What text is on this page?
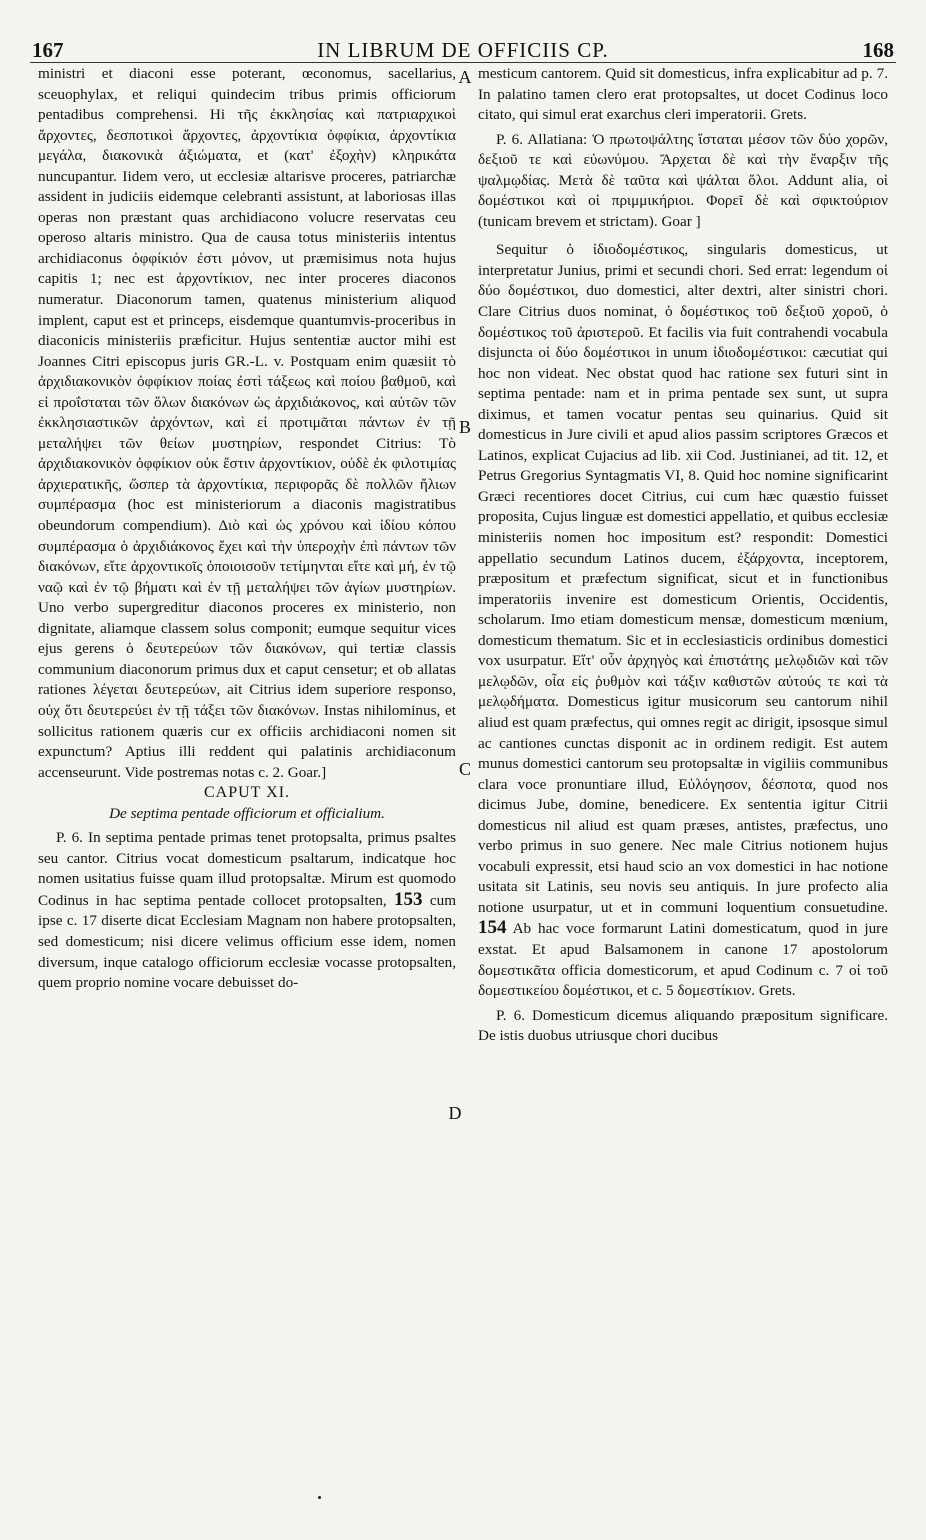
167	IN LIBRUM DE OFFICIIS CP.	168

ministri et diaconi esse poterant, œconomus, sacellarius, sceuophylax, et reliqui quindecim tribus primis officiorum pentadibus comprehensi. Hi τῆς ἐκκλησίας καὶ πατριαρχικοὶ ἄρχοντες, δεσποτικοὶ ἄρχοντες, ἀρχοντίκια ὀφφίκια, ἀρχοντίκια μεγάλα, διακονικὰ ἀξιώματα, et (κατ' ἐξοχὴν) κληρικάτα nuncupantur. Iidem vero, ut ecclesiæ altarisve proceres, patriarchæ assident in judiciis eidemque celebranti assistunt, at laboriosas illas operas non præstant quas archidiacono volucre reservatas ceu operoso altaris ministro. Qua de causa totus ministeriis intentus archidiaconus ὀφφίκιόν ἐστι μόνον, ut præmisimus nota hujus capitis 1; nec est ἀρχοντίκιον, nec inter proceres diaconos numeratur. Diaconorum tamen, quatenus ministerium aliquod implent, caput est et princeps, eisdemque quantumvis-proceribus in diaconicis ministeriis præficitur. Hujus sententiæ auctor mihi est Joannes Citri episcopus juris GR.-L. v. Postquam enim quæsiit τὸ ἀρχιδιακονικὸν ὀφφίκιον ποίας ἐστὶ τάξεως καὶ ποίου βαθμοῦ, καὶ εἰ προΐσταται τῶν ὅλων διακόνων ὡς ἀρχιδιάκονος, καὶ αὐτῶν τῶν ἐκκλησιαστικῶν ἀρχόντων, καὶ εἰ προτιμᾶται πάντων ἐν τῇ μεταλήψει τῶν θείων μυστηρίων, respondet Citrius: Τὸ ἀρχιδιακονικὸν ὀφφίκιον οὐκ ἔστιν ἀρχοντίκιον, οὐδὲ ἐκ φιλοτιμίας ἀρχιερατικῆς, ὥσπερ τὰ ἀρχοντίκια, περιφορᾶς δὲ πολλῶν ἤλιων συμπέρασμα (hoc est ministeriorum a diaconis magistratibus obeundorum compendium). Διὸ καὶ ὡς χρόνου καὶ ἰδίου κόπου συμπέρασμα ὁ ἀρχιδιάκονος ἔχει καὶ τὴν ὑπεροχὴν ἐπὶ πάντων τῶν διακόνων, εἴτε ἀρχοντικοῖς ὁποιοισοῦν τετίμηνται εἴτε καὶ μή, ἐν τῷ ναῷ καὶ ἐν τῷ βήματι καὶ ἐν τῇ μεταλήψει τῶν ἁγίων μυστηρίων. Uno verbo supergreditur diaconos proceres ex ministerio, non dignitate, aliamque classem solus componit; eumque sequitur vices ejus gerens ὁ δευτερεύων τῶν διακόνων, qui tertiæ classis communium diaconorum primus dux et caput censetur; et ob allatas rationes λέγεται δευτερεύων, ait Citrius idem superiore responso, οὐχ ὅτι δευτερεύει ἐν τῇ τάξει τῶν διακόνων. Instas nihilominus, et sollicitus rationem quæris cur ex officiis archidiaconi nomen sit expunctum? Aptius illi reddent qui palatinis archidiaconum accenseurunt. Vide postremas notas c. 2. Goar.]

CAPUT XI.

De septima pentade officiorum et officialium.

P. 6. In septima pentade primas tenet protopsalta, primus psaltes seu cantor. Citrius vocat domesticum psaltarum, indicatque hoc nomen usitatius fuisse quam illud protopsaltæ. Mirum est quomodo Codinus in hac septima pentade collocet protopsalten, 153 cum ipse c. 17 diserte dicat Ecclesiam Magnam non habere protopsalten, sed domesticum; nisi dicere velimus officium esse idem, nomen diversum, inque catalogo officiorum ecclesiæ vocasse protopsalten, quem proprio nomine vocare debuisset do-

mesticum cantorem. Quid sit domesticus, infra explicabitur ad p. 7. In palatino tamen clero erat protopsaltes, ut docet Codinus loco citato, qui simul erat exarchus cleri imperatorii. Grets.

P. 6. Allatiana: Ὁ πρωτοψάλτης ἵσταται μέσον τῶν δύο χορῶν, δεξιοῦ τε καὶ εὐωνύμου. Ἄρχεται δὲ καὶ τὴν ἔναρξιν τῆς ψαλμῳδίας. Μετὰ δὲ ταῦτα καὶ ψάλται ὅλοι. Addunt alia, οἱ δομέστικοι καὶ οἱ πριμμικήριοι. Φορεῖ δὲ καὶ σφικτούριον (tunicam brevem et strictam). Goar ]

Sequitur ὁ ἰδιοδομέστικος, singularis domesticus, ut interpretatur Junius, primi et secundi chori. Sed errat: legendum οἱ δύο δομέστικοι, duo domestici, alter dextri, alter sinistri chori. Clare Citrius duos nominat, ὁ δομέστικος τοῦ δεξιοῦ χοροῦ, ὁ δομέστικος τοῦ ἀριστεροῦ. Et facilis via fuit contrahendi vocabula disjuncta οἱ δύο δομέστικοι in unum ἰδιοδομέστικοι: cæcutiat qui hoc non videat. Nec obstat quod hac ratione sex futuri sint in septima pentade: nam et in prima pentade sex sunt, ut supra diximus, et tamen vocatur pentas seu quinarius. Quid sit domesticus in Jure civili et apud alios passim scriptores Græcos et Latinos, explicat Cujacius ad lib. xii Cod. Justinianei, ad tit. 12, et Petrus Gregorius Syntagmatis VI, 8. Quid hoc nomine significarint Græci recentiores docet Citrius, cui cum hæc quæstio fuisset proposita, Cujus linguæ est domestici appellatio, et quibus ecclesiæ ministeriis nomen hoc impositum est? respondit: Domestici appellatio secundum Latinos ducem, ἐξάρχοντα, inceptorem, præpositum et præfectum significat, sicut et in functionibus imperatoriis invenire est domesticum Orientis, Occidentis, scholarum. Imo etiam domesticum mensæ, domesticum mœnium, domesticum thematum. Sic et in ecclesiasticis ordinibus domestici vox usurpatur. Εἴτ' οὖν ἀρχηγὸς καὶ ἐπιστάτης μελῳδιῶν καὶ τῶν μελῳδῶν, οἷα εἰς ῥυθμὸν καὶ τάξιν καθιστῶν αὐτούς τε καὶ τὰ μελῳδήματα. Domesticus igitur musicorum seu cantorum nihil aliud est quam præfectus, qui omnes regit ac dirigit, ipsosque simul ac cantiones cunctas disponit ac in ordinem redigit. Est autem munus domestici cantorum seu protopsaltæ in vigiliis communibus clara voce pronuntiare illud, Εὐλόγησον, δέσποτα, quod nos dicimus Jube, domine, benedicere. Ex sententia igitur Citrii domesticus nil aliud est quam præses, antistes, præfectus, uno verbo primus in suo genere. Nec male Citrius notionem hujus vocabuli expressit, etsi haud scio an vox domestici in hac notione usitata sit Latinis, seu novis seu antiquis. In jure profecto alia notione usurpatur, ut et in communi loquentium consuetudine. 154 Ab hac voce formarunt Latini domesticatum, quod in jure exstat. Et apud Balsamonem in canone 17 apostolorum δομεστικᾶτα officia domesticorum, et apud Codinum c. 7 οἱ τοῦ δομεστικείου δομέστικοι, et c. 5 δομεστίκιον. Grets.

P. 6. Domesticum dicemus aliquando præpositum significare. De istis duobus utriusque chori ducibus

A
B
C
D
